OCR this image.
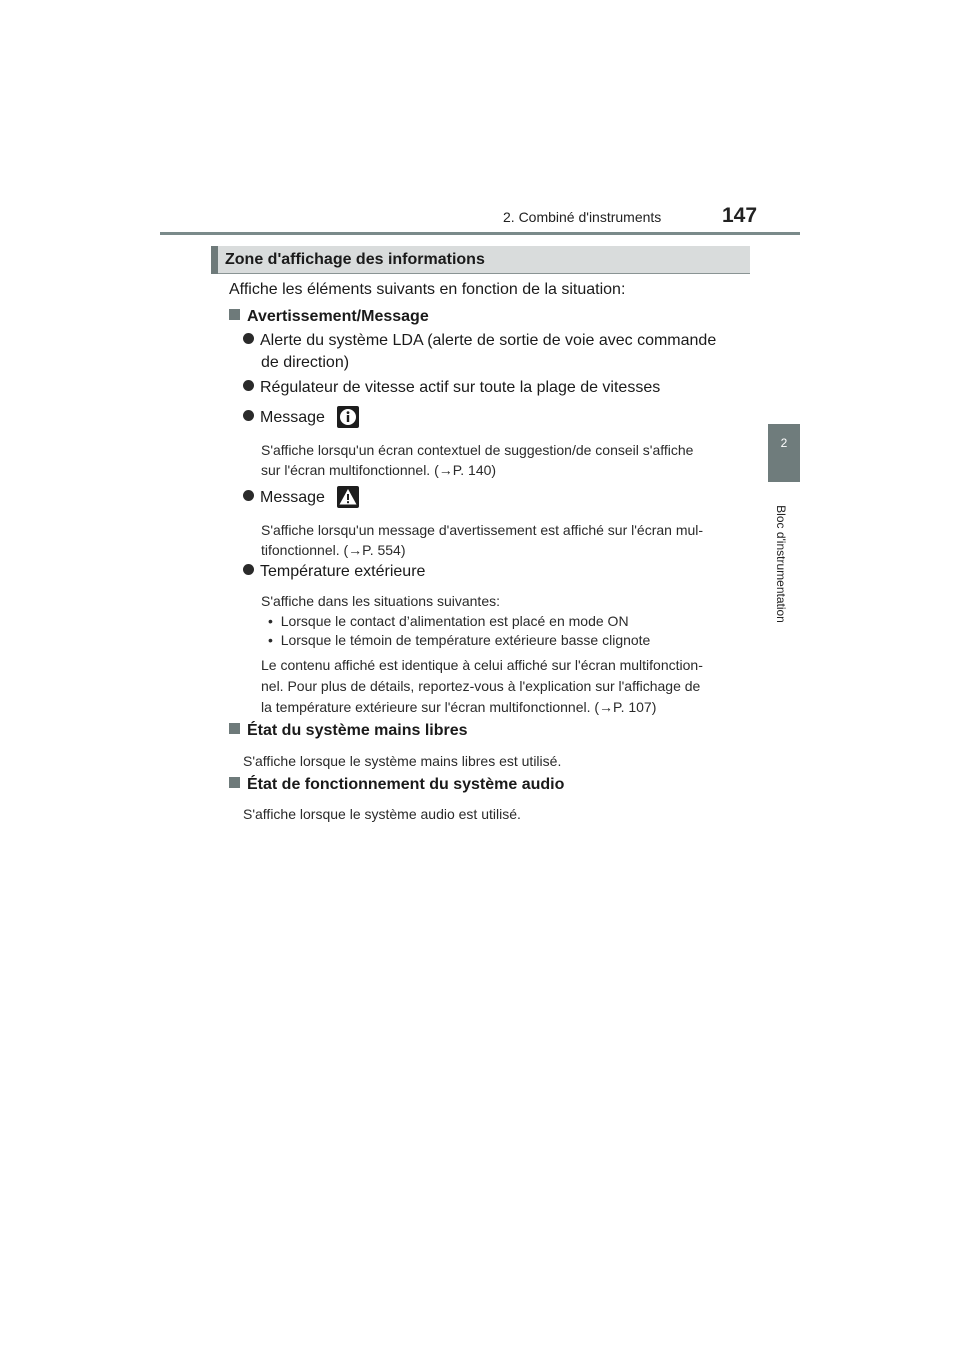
2. Combiné d'instruments	147
2
Bloc d'instrumentation
Zone d'affichage des informations
Affiche les éléments suivants en fonction de la situation:
Avertissement/Message
Alerte du système LDA (alerte de sortie de voie avec commande
de direction)
Régulateur de vitesse actif sur toute la plage de vitesses
Message
S'affiche lorsqu'un écran contextuel de suggestion/de conseil s'affiche
sur l'écran multifonctionnel. (→P. 140)
Message
S'affiche lorsqu'un message d'avertissement est affiché sur l'écran mul-
tifonctionnel. (→P. 554)
Température extérieure
S'affiche dans les situations suivantes:
•  Lorsque le contact d’alimentation est placé en mode ON
•  Lorsque le témoin de température extérieure basse clignote
Le contenu affiché est identique à celui affiché sur l'écran multifonction-
nel. Pour plus de détails, reportez-vous à l'explication sur l'affichage de
la température extérieure sur l'écran multifonctionnel. (→P. 107)
État du système mains libres
S'affiche lorsque le système mains libres est utilisé.
État de fonctionnement du système audio
S'affiche lorsque le système audio est utilisé.
